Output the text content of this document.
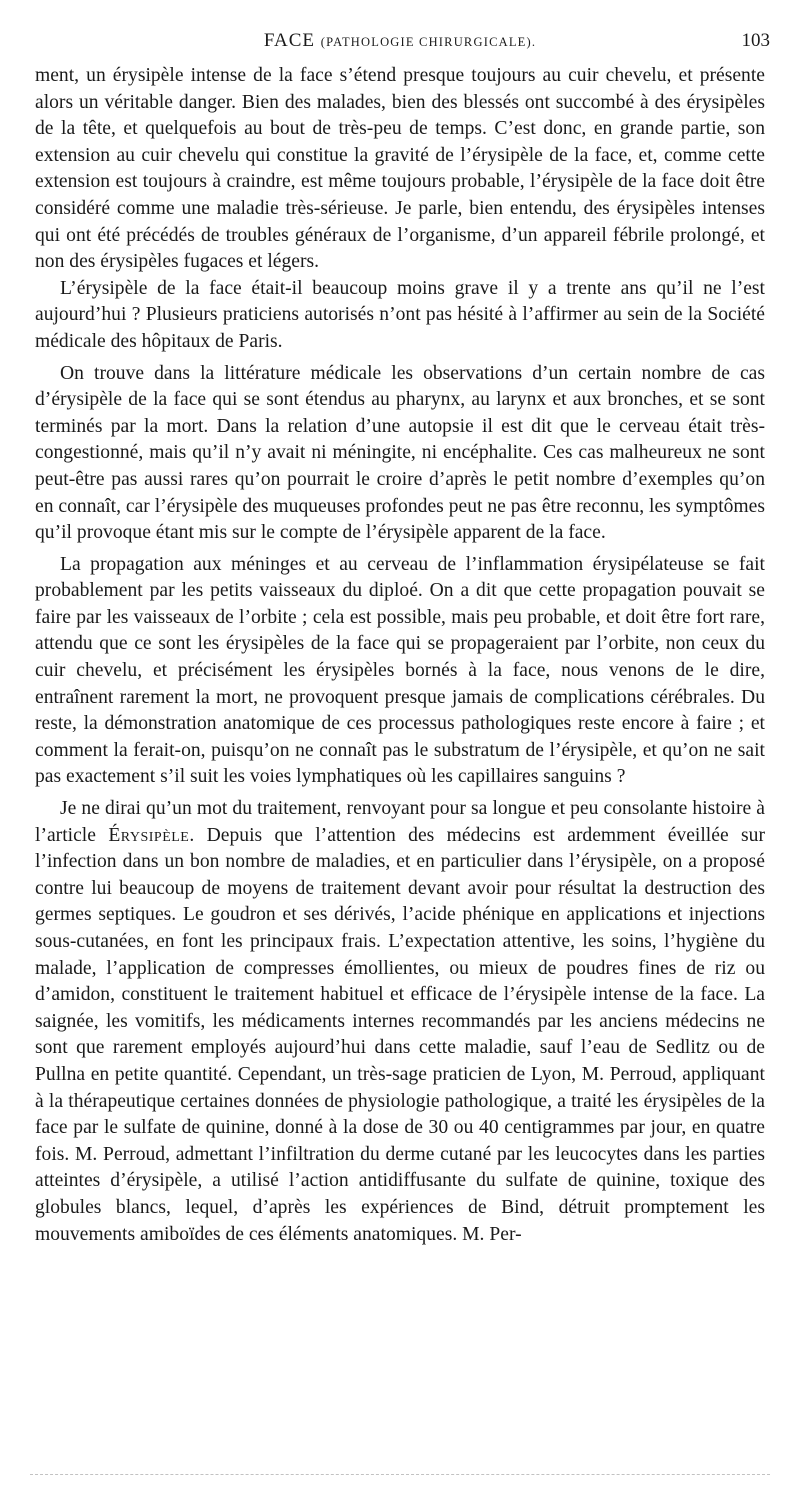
FACE (PATHOLOGIE CHIRURGICALE).	103

ment, un érysipèle intense de la face s’étend presque toujours au cuir chevelu, et présente alors un véritable danger. Bien des malades, bien des blessés ont succombé à des érysipèles de la tête, et quelquefois au bout de très-peu de temps. C’est donc, en grande partie, son extension au cuir chevelu qui constitue la gravité de l’érysipèle de la face, et, comme cette extension est toujours à craindre, est même toujours probable, l’érysipèle de la face doit être considéré comme une maladie très-sérieuse. Je parle, bien entendu, des érysipèles intenses qui ont été précédés de troubles généraux de l’organisme, d’un appareil fébrile prolongé, et non des érysipèles fugaces et légers.

L’érysipèle de la face était-il beaucoup moins grave il y a trente ans qu’il ne l’est aujourd’hui ? Plusieurs praticiens autorisés n’ont pas hésité à l’affirmer au sein de la Société médicale des hôpitaux de Paris.

On trouve dans la littérature médicale les observations d’un certain nombre de cas d’érysipèle de la face qui se sont étendus au pharynx, au larynx et aux bronches, et se sont terminés par la mort. Dans la relation d’une autopsie il est dit que le cerveau était très-congestionné, mais qu’il n’y avait ni méningite, ni encéphalite. Ces cas malheureux ne sont peut-être pas aussi rares qu’on pourrait le croire d’après le petit nombre d’exemples qu’on en connaît, car l’érysipèle des muqueuses profondes peut ne pas être reconnu, les symptômes qu’il provoque étant mis sur le compte de l’érysipèle apparent de la face.

La propagation aux méninges et au cerveau de l’inflammation érysipélateuse se fait probablement par les petits vaisseaux du diploé. On a dit que cette propagation pouvait se faire par les vaisseaux de l’orbite ; cela est possible, mais peu probable, et doit être fort rare, attendu que ce sont les érysipèles de la face qui se propageraient par l’orbite, non ceux du cuir chevelu, et précisément les érysipèles bornés à la face, nous venons de le dire, entraînent rarement la mort, ne provoquent presque jamais de complications cérébrales. Du reste, la démonstration anatomique de ces processus pathologiques reste encore à faire ; et comment la ferait-on, puisqu’on ne connaît pas le substratum de l’érysipèle, et qu’on ne sait pas exactement s’il suit les voies lymphatiques où les capillaires sanguins ?

Je ne dirai qu’un mot du traitement, renvoyant pour sa longue et peu consolante histoire à l’article Érysipèle. Depuis que l’attention des médecins est ardemment éveillée sur l’infection dans un bon nombre de maladies, et en particulier dans l’érysipèle, on a proposé contre lui beaucoup de moyens de traitement devant avoir pour résultat la destruction des germes septiques. Le goudron et ses dérivés, l’acide phénique en applications et injections sous-cutanées, en font les principaux frais. L’expectation attentive, les soins, l’hygiène du malade, l’application de compresses émollientes, ou mieux de poudres fines de riz ou d’amidon, constituent le traitement habituel et efficace de l’érysipèle intense de la face. La saignée, les vomitifs, les médicaments internes recommandés par les anciens médecins ne sont que rarement employés aujourd’hui dans cette maladie, sauf l’eau de Sedlitz ou de Pullna en petite quantité. Cependant, un très-sage praticien de Lyon, M. Perroud, appliquant à la thérapeutique certaines données de physiologie pathologique, a traité les érysipèles de la face par le sulfate de quinine, donné à la dose de 30 ou 40 centigrammes par jour, en quatre fois. M. Perroud, admettant l’infiltration du derme cutané par les leucocytes dans les parties atteintes d’érysipèle, a utilisé l’action antidiffusante du sulfate de quinine, toxique des globules blancs, lequel, d’après les expériences de Bind, détruit promptement les mouvements amiboïdes de ces éléments anatomiques. M. Per-
